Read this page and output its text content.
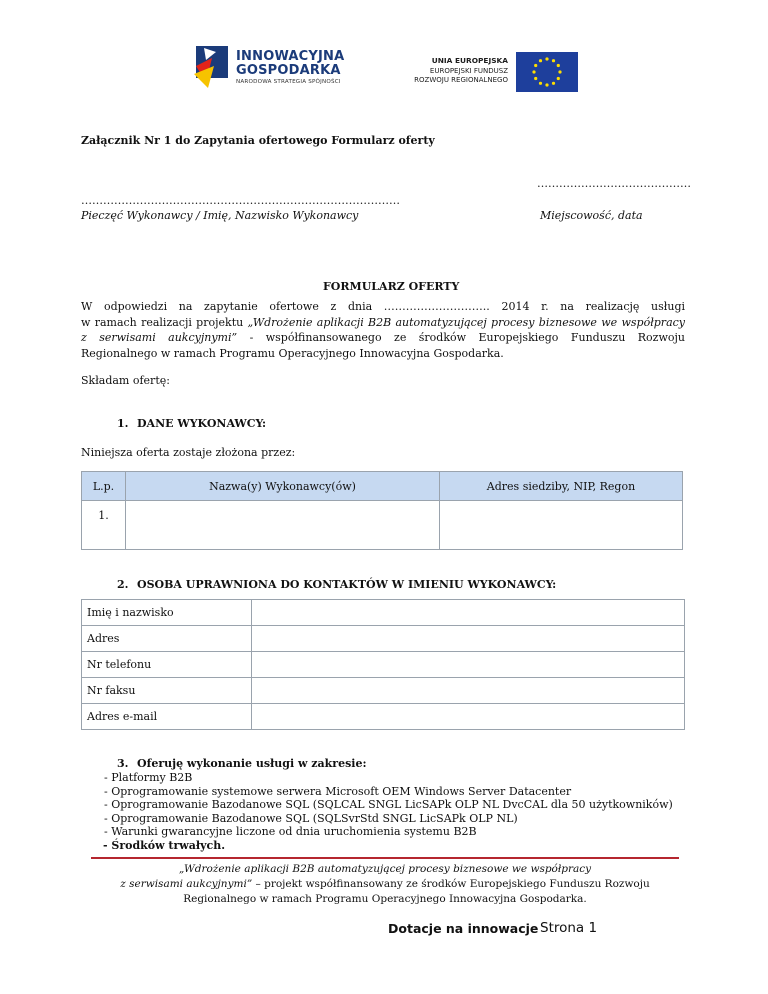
INNOWACYJNA
GOSPODARKA
NARODOWA STRATEGIA SPÓJNOŚCI
UNIA EUROPEJSKA
EUROPEJSKI FUNDUSZ
ROZWOJU REGIONALNEGO
Załącznik Nr 1 do Zapytania ofertowego Formularz oferty
……………………………………
……………………………………………………………………………
Pieczęć Wykonawcy / Imię, Nazwisko Wykonawcy	Miejscowość, data
FORMULARZ OFERTY
W odpowiedzi na zapytanie ofertowe z dnia ……………………….. 2014 r. na realizację usługi
w ramach realizacji projektu „Wdrożenie aplikacji B2B automatyzującej procesy biznesowe we współpracy
z serwisami aukcyjnymi” - współfinansowanego ze środków Europejskiego Funduszu Rozwoju
Regionalnego w ramach Programu Operacyjnego Innowacyjna Gospodarka.
Składam ofertę:
1. DANE WYKONAWCY:
Niniejsza oferta zostaje złożona przez:
L.p.	Nazwa(y) Wykonawcy(ów)	Adres siedziby, NIP, Regon
1.		
2. OSOBA UPRAWNIONA DO KONTAKTÓW W IMIENIU WYKONAWCY:
Imię i nazwisko	
Adres	
Nr telefonu	
Nr faksu	
Adres e-mail	
3. Oferuję wykonanie usługi w zakresie:
- Platformy B2B
- Oprogramowanie systemowe serwera Microsoft OEM Windows Server Datacenter
- Oprogramowanie Bazodanowe SQL (SQLCAL SNGL LicSAPk OLP NL DvcCAL dla 50 użytkowników)
- Oprogramowanie Bazodanowe SQL (SQLSvrStd SNGL LicSAPk OLP NL)
- Warunki gwarancyjne liczone od dnia uruchomienia systemu B2B
- Środków trwałych.
„Wdrożenie aplikacji B2B automatyzującej procesy biznesowe we współpracy
z serwisami aukcyjnymi” – projekt współfinansowany ze środków Europejskiego Funduszu Rozwoju
Regionalnego w ramach Programu Operacyjnego Innowacyjna Gospodarka.
Dotacje na innowacje Strona 1
